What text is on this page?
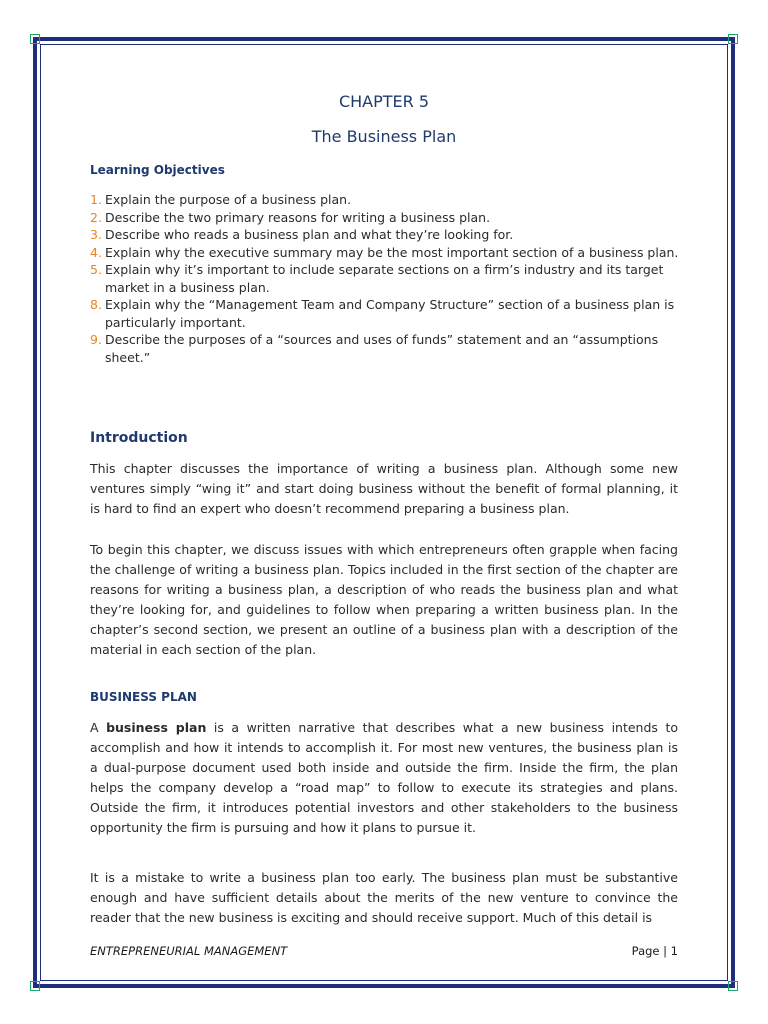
CHAPTER 5
The Business Plan
Learning Objectives
1. Explain the purpose of a business plan.
2. Describe the two primary reasons for writing a business plan.
3. Describe who reads a business plan and what they’re looking for.
4. Explain why the executive summary may be the most important section of a business plan.
5. Explain why it’s important to include separate sections on a firm’s industry and its target market in a business plan.
8. Explain why the “Management Team and Company Structure” section of a business plan is particularly important.
9. Describe the purposes of a “sources and uses of funds” statement and an “assumptions sheet.”
Introduction
This chapter discusses the importance of writing a business plan. Although some new ventures simply “wing it” and start doing business without the benefit of formal planning, it is hard to find an expert who doesn’t recommend preparing a business plan.
To begin this chapter, we discuss issues with which entrepreneurs often grapple when facing the challenge of writing a business plan. Topics included in the first section of the chapter are reasons for writing a business plan, a description of who reads the business plan and what they’re looking for, and guidelines to follow when preparing a written business plan. In the chapter’s second section, we present an outline of a business plan with a description of the material in each section of the plan.
BUSINESS PLAN
A business plan is a written narrative that describes what a new business intends to accomplish and how it intends to accomplish it. For most new ventures, the business plan is a dual-purpose document used both inside and outside the firm. Inside the firm, the plan helps the company develop a “road map” to follow to execute its strategies and plans. Outside the firm, it introduces potential investors and other stakeholders to the business opportunity the firm is pursuing and how it plans to pursue it.
It is a mistake to write a business plan too early. The business plan must be substantive enough and have sufficient details about the merits of the new venture to convince the reader that the new business is exciting and should receive support. Much of this detail is
ENTREPRENEURIAL MANAGEMENT	Page | 1
